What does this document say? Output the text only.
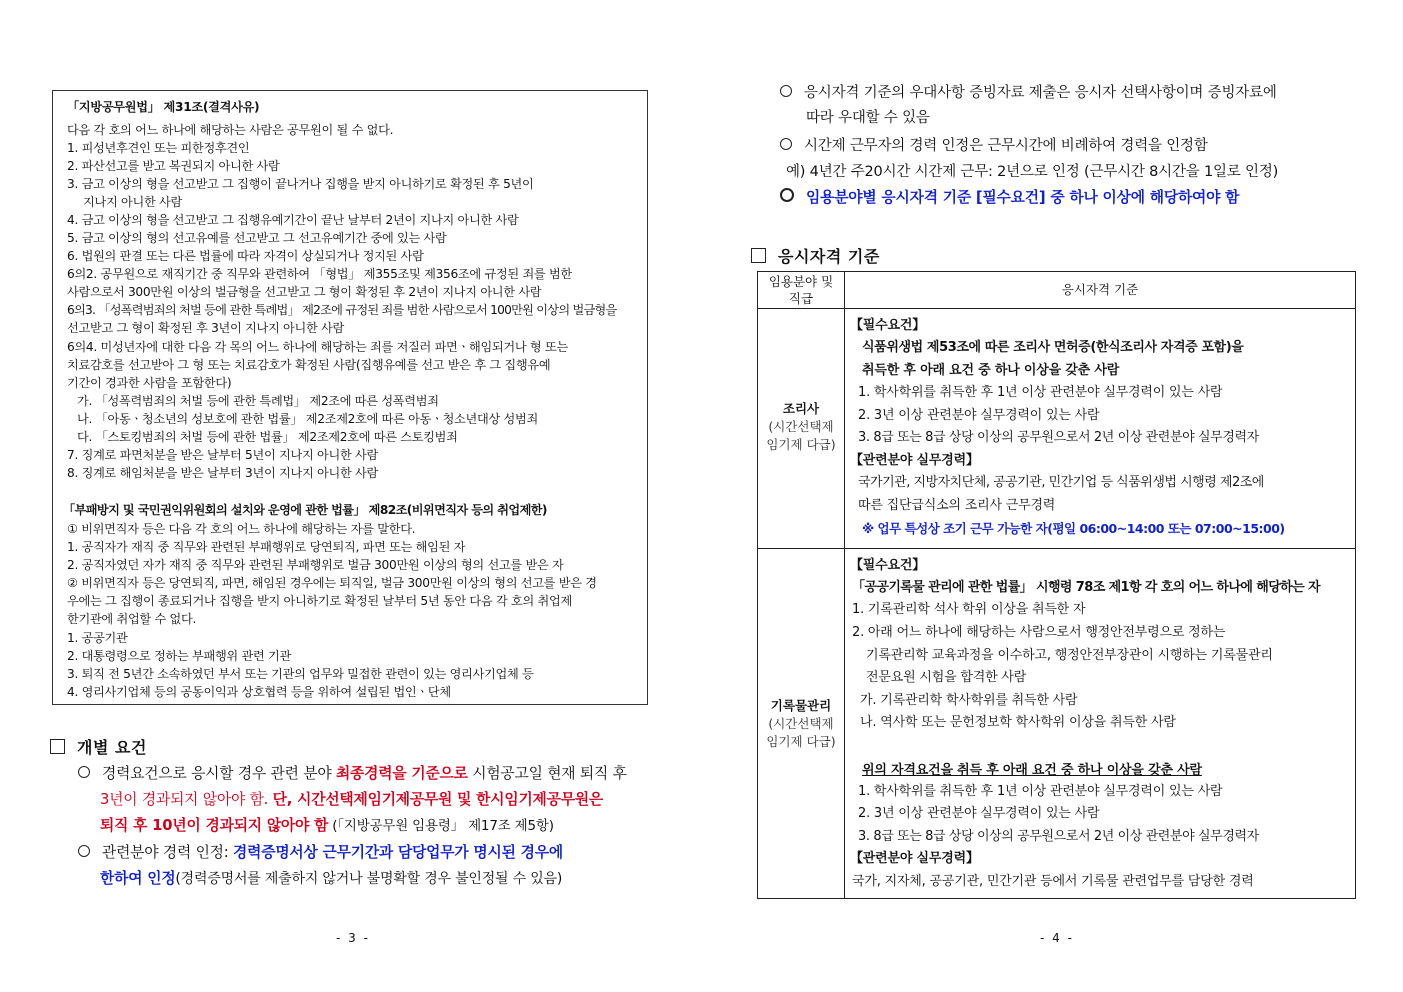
「지방공무원법」 제31조(결격사유)
다음 각 호의 어느 하나에 해당하는 사람은 공무원이 될 수 없다.
1. 피성년후견인 또는 피한정후견인
2. 파산선고를 받고 복권되지 아니한 사람
3. 금고 이상의 형을 선고받고 그 집행이 끝나거나 집행을 받지 아니하기로 확정된 후 5년이
지나지 아니한 사람
4. 금고 이상의 형을 선고받고 그 집행유예기간이 끝난 날부터 2년이 지나지 아니한 사람
5. 금고 이상의 형의 선고유예를 선고받고 그 선고유예기간 중에 있는 사람
6. 법원의 판결 또는 다른 법률에 따라 자격이 상실되거나 정지된 사람
6의2. 공무원으로 재직기간 중 직무와 관련하여 「형법」 제355조및 제356조에 규정된 죄를 범한
사람으로서 300만원 이상의 벌금형을 선고받고 그 형이 확정된 후 2년이 지나지 아니한 사람
6의3. 「성폭력범죄의 처벌 등에 관한 특례법」 제2조에 규정된 죄를 범한 사람으로서 100만원 이상의 벌금형을
선고받고 그 형이 확정된 후 3년이 지나지 아니한 사람
6의4. 미성년자에 대한 다음 각 목의 어느 하나에 해당하는 죄를 저질러 파면ㆍ해임되거나 형 또는
치료감호를 선고받아 그 형 또는 치료감호가 확정된 사람(집행유예를 선고 받은 후 그 집행유예
기간이 경과한 사람을 포함한다)
가. 「성폭력범죄의 처벌 등에 관한 특례법」 제2조에 따른 성폭력범죄
나. 「아동ㆍ청소년의 성보호에 관한 법률」 제2조제2호에 따른 아동ㆍ청소년대상 성범죄
다. 「스토킹범죄의 처벌 등에 관한 법률」 제2조제2호에 따른 스토킹범죄
7. 징계로 파면처분을 받은 날부터 5년이 지나지 아니한 사람
8. 징계로 해임처분을 받은 날부터 3년이 지나지 아니한 사람
「부패방지 및 국민권익위원회의 설치와 운영에 관한 법률」 제82조(비위면직자 등의 취업제한)
① 비위면직자 등은 다음 각 호의 어느 하나에 해당하는 자를 말한다.
1. 공직자가 재직 중 직무와 관련된 부패행위로 당연퇴직, 파면 또는 해임된 자
2. 공직자였던 자가 재직 중 직무와 관련된 부패행위로 벌금 300만원 이상의 형의 선고를 받은 자
② 비위면직자 등은 당연퇴직, 파면, 해임된 경우에는 퇴직일, 벌금 300만원 이상의 형의 선고를 받은 경
우에는 그 집행이 종료되거나 집행을 받지 아니하기로 확정된 날부터 5년 동안 다음 각 호의 취업제
한기관에 취업할 수 없다.
1. 공공기관
2. 대통령령으로 정하는 부패행위 관련 기관
3. 퇴직 전 5년간 소속하였던 부서 또는 기관의 업무와 밀접한 관련이 있는 영리사기업체 등
4. 영리사기업체 등의 공동이익과 상호협력 등을 위하여 설립된 법인ㆍ단체
개별 요건
경력요건으로 응시할 경우 관련 분야 최종경력을 기준으로 시험공고일 현재 퇴직 후
3년이 경과되지 않아야 함. 단, 시간선택제임기제공무원 및 한시임기제공무원은
퇴직 후 10년이 경과되지 않아야 함 (「지방공무원 임용령」 제17조 제5항)
관련분야 경력 인정: 경력증명서상 근무기간과 담당업무가 명시된 경우에
한하여 인정(경력증명서를 제출하지 않거나 불명확할 경우 불인정될 수 있음)
- 3 -
응시자격 기준의 우대사항 증빙자료 제출은 응시자 선택사항이며 증빙자료에
따라 우대할 수 있음
시간제 근무자의 경력 인정은 근무시간에 비례하여 경력을 인정함
예) 4년간 주20시간 시간제 근무: 2년으로 인정 (근무시간 8시간을 1일로 인정)
임용분야별 응시자격 기준 [필수요건] 중 하나 이상에 해당하여야 함
응시자격 기준
임용분야 및
직급
응시자격 기준
조리사
(시간선택제
임기제 다급)
【필수요건】
식품위생법 제53조에 따른 조리사 면허증(한식조리사 자격증 포함)을
취득한 후 아래 요건 중 하나 이상을 갖춘 사람
1. 학사학위를 취득한 후 1년 이상 관련분야 실무경력이 있는 사람
2. 3년 이상 관련분야 실무경력이 있는 사람
3. 8급 또는 8급 상당 이상의 공무원으로서 2년 이상 관련분야 실무경력자
【관련분야 실무경력】
국가기관, 지방자치단체, 공공기관, 민간기업 등 식품위생법 시행령 제2조에
따른 집단급식소의 조리사 근무경력
※ 업무 특성상 조기 근무 가능한 자(평일 06:00~14:00 또는 07:00~15:00)
기록물관리
(시간선택제
임기제 다급)
【필수요건】
「공공기록물 관리에 관한 법률」 시행령 78조 제1항 각 호의 어느 하나에 해당하는 자
1. 기록관리학 석사 학위 이상을 취득한 자
2. 아래 어느 하나에 해당하는 사람으로서 행정안전부령으로 정하는
기록관리학 교육과정을 이수하고, 행정안전부장관이 시행하는 기록물관리
전문요원 시험을 합격한 사람
가. 기록관리학 학사학위를 취득한 사람
나. 역사학 또는 문헌정보학 학사학위 이상을 취득한 사람
위의 자격요건을 취득 후 아래 요건 중 하나 이상을 갖춘 사람
1. 학사학위를 취득한 후 1년 이상 관련분야 실무경력이 있는 사람
2. 3년 이상 관련분야 실무경력이 있는 사람
3. 8급 또는 8급 상당 이상의 공무원으로서 2년 이상 관련분야 실무경력자
【관련분야 실무경력】
국가, 지자체, 공공기관, 민간기관 등에서 기록물 관련업무를 담당한 경력
- 4 -
